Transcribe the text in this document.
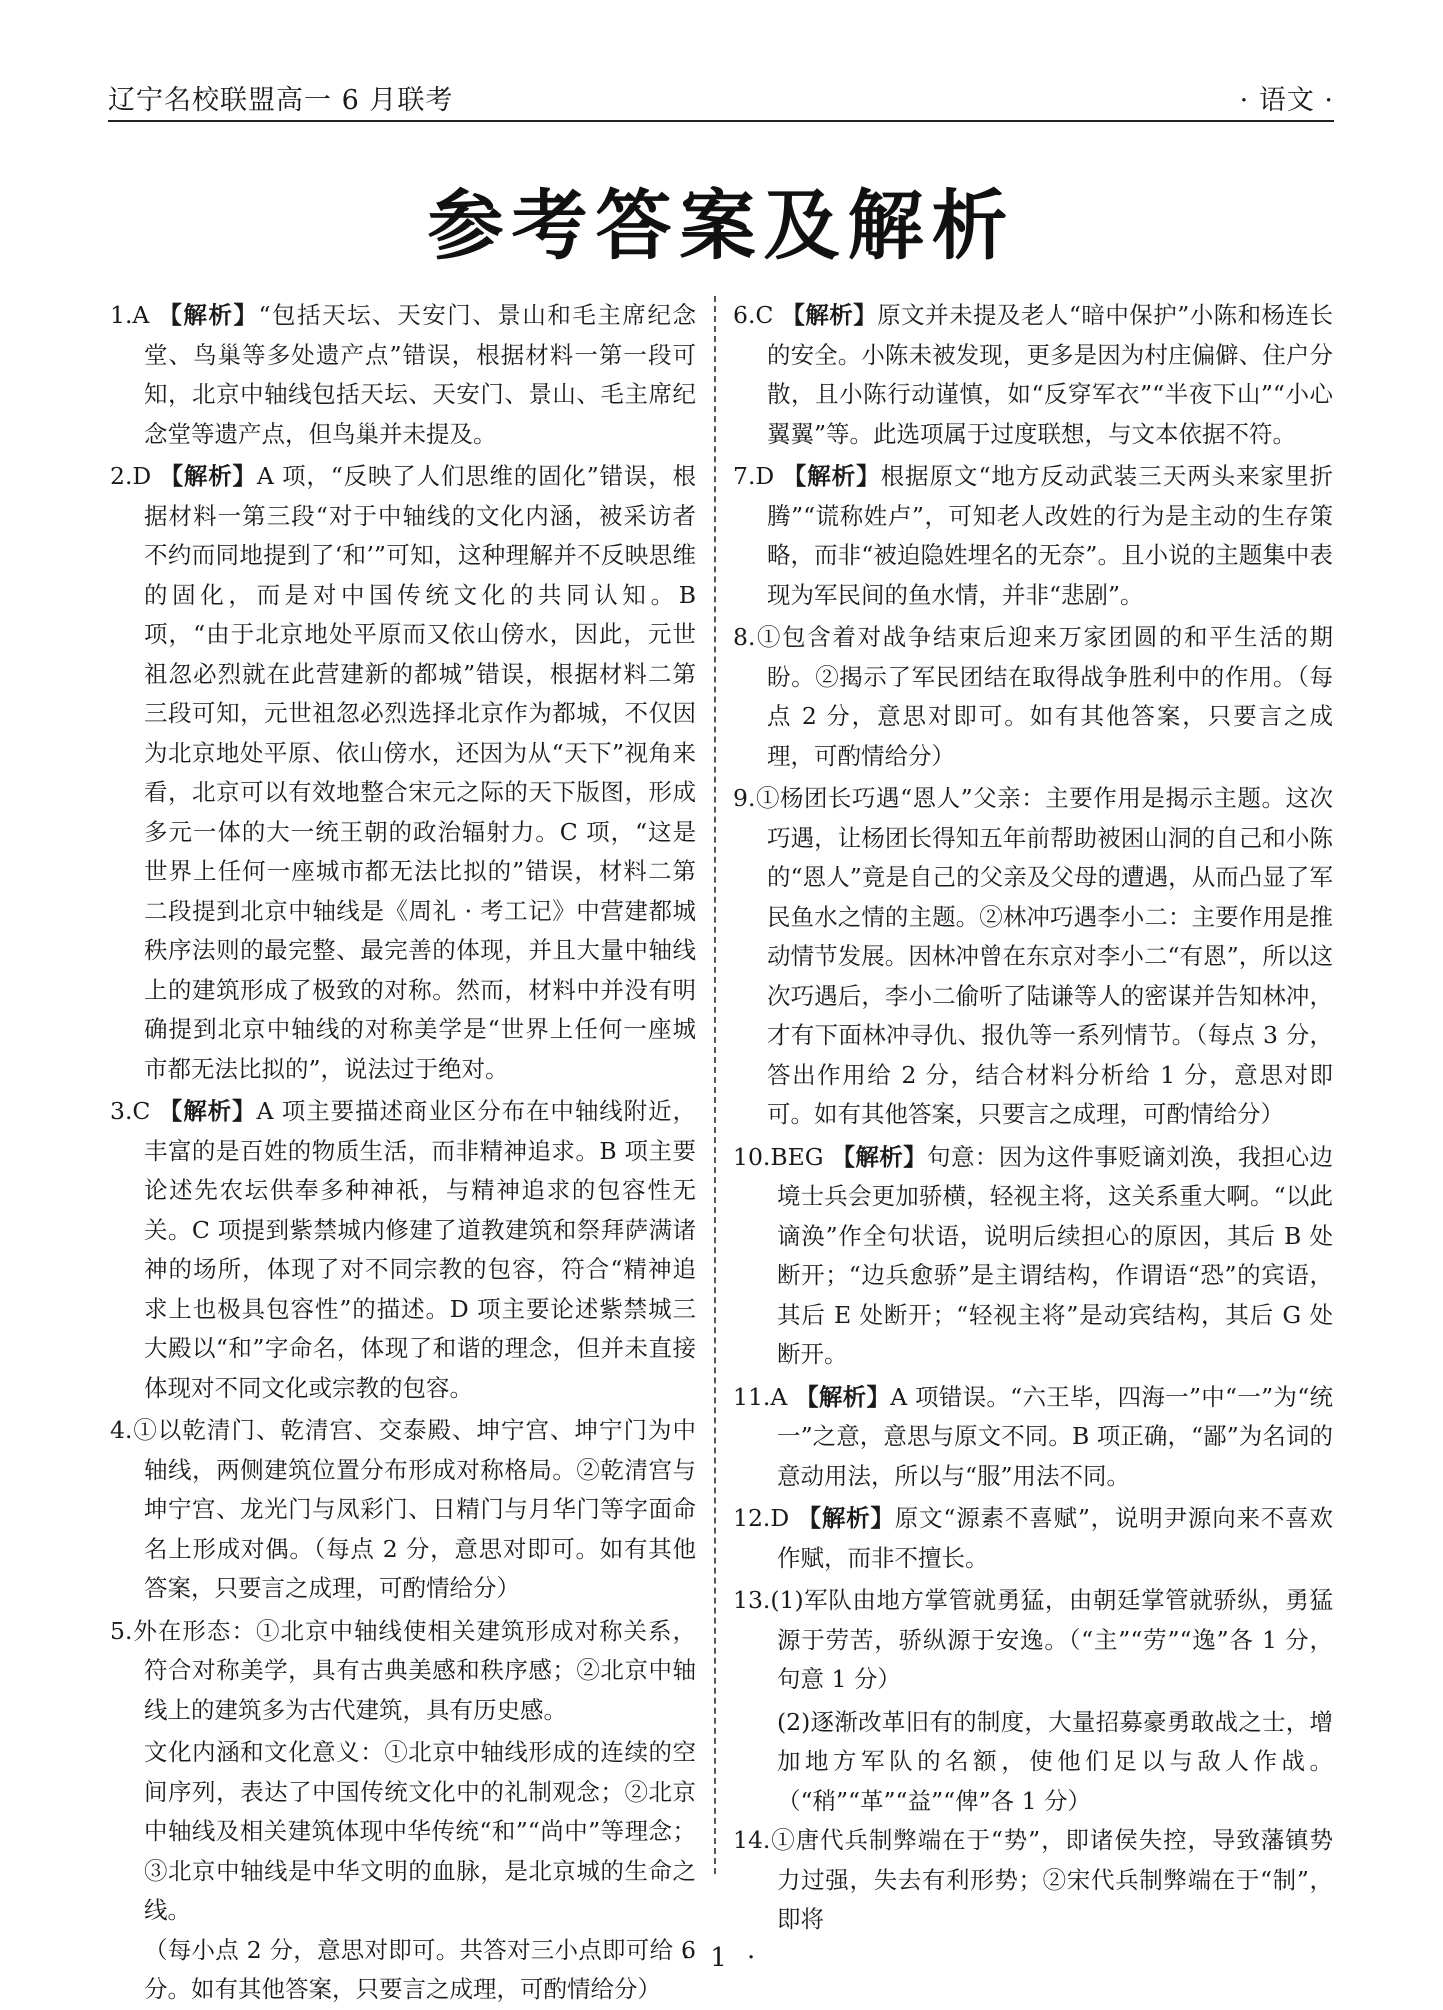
辽宁名校联盟高一 6 月联考	· 语文 ·
参考答案及解析

1.A 【解析】“包括天坛、天安门、景山和毛主席纪念堂、鸟巢等多处遗产点”错误，根据材料一第一段可知，北京中轴线包括天坛、天安门、景山、毛主席纪念堂等遗产点，但鸟巢并未提及。

2.D 【解析】A 项，“反映了人们思维的固化”错误，根据材料一第三段“对于中轴线的文化内涵，被采访者不约而同地提到了‘和’”可知，这种理解并不反映思维的固化，而是对中国传统文化的共同认知。B 项，“由于北京地处平原而又依山傍水，因此，元世祖忽必烈就在此营建新的都城”错误，根据材料二第三段可知，元世祖忽必烈选择北京作为都城，不仅因为北京地处平原、依山傍水，还因为从“天下”视角来看，北京可以有效地整合宋元之际的天下版图，形成多元一体的大一统王朝的政治辐射力。C 项，“这是世界上任何一座城市都无法比拟的”错误，材料二第二段提到北京中轴线是《周礼 · 考工记》中营建都城秩序法则的最完整、最完善的体现，并且大量中轴线上的建筑形成了极致的对称。然而，材料中并没有明确提到北京中轴线的对称美学是“世界上任何一座城市都无法比拟的”，说法过于绝对。

3.C 【解析】A 项主要描述商业区分布在中轴线附近，丰富的是百姓的物质生活，而非精神追求。B 项主要论述先农坛供奉多种神祇，与精神追求的包容性无关。C 项提到紫禁城内修建了道教建筑和祭拜萨满诸神的场所，体现了对不同宗教的包容，符合“精神追求上也极具包容性”的描述。D 项主要论述紫禁城三大殿以“和”字命名，体现了和谐的理念，但并未直接体现对不同文化或宗教的包容。

4.①以乾清门、乾清宫、交泰殿、坤宁宫、坤宁门为中轴线，两侧建筑位置分布形成对称格局。②乾清宫与坤宁宫、龙光门与凤彩门、日精门与月华门等字面命名上形成对偶。（每点 2 分，意思对即可。如有其他答案，只要言之成理，可酌情给分）

5.外在形态：①北京中轴线使相关建筑形成对称关系，符合对称美学，具有古典美感和秩序感；②北京中轴线上的建筑多为古代建筑，具有历史感。

文化内涵和文化意义：①北京中轴线形成的连续的空间序列，表达了中国传统文化中的礼制观念；②北京中轴线及相关建筑体现中华传统“和”“尚中”等理念；③北京中轴线是中华文明的血脉，是北京城的生命之线。

（每小点 2 分，意思对即可。共答对三小点即可给 6 分。如有其他答案，只要言之成理，可酌情给分）

6.C 【解析】原文并未提及老人“暗中保护”小陈和杨连长的安全。小陈未被发现，更多是因为村庄偏僻、住户分散，且小陈行动谨慎，如“反穿军衣”“半夜下山”“小心翼翼”等。此选项属于过度联想，与文本依据不符。

7.D 【解析】根据原文“地方反动武装三天两头来家里折腾”“谎称姓卢”，可知老人改姓的行为是主动的生存策略，而非“被迫隐姓埋名的无奈”。且小说的主题集中表现为军民间的鱼水情，并非“悲剧”。

8.①包含着对战争结束后迎来万家团圆的和平生活的期盼。②揭示了军民团结在取得战争胜利中的作用。（每点 2 分，意思对即可。如有其他答案，只要言之成理，可酌情给分）

9.①杨团长巧遇“恩人”父亲：主要作用是揭示主题。这次巧遇，让杨团长得知五年前帮助被困山洞的自己和小陈的“恩人”竟是自己的父亲及父母的遭遇，从而凸显了军民鱼水之情的主题。②林冲巧遇李小二：主要作用是推动情节发展。因林冲曾在东京对李小二“有恩”，所以这次巧遇后，李小二偷听了陆谦等人的密谋并告知林冲，才有下面林冲寻仇、报仇等一系列情节。（每点 3 分，答出作用给 2 分，结合材料分析给 1 分，意思对即可。如有其他答案，只要言之成理，可酌情给分）

10.BEG 【解析】句意：因为这件事贬谪刘涣，我担心边境士兵会更加骄横，轻视主将，这关系重大啊。“以此谪涣”作全句状语，说明后续担心的原因，其后 B 处断开；“边兵愈骄”是主谓结构，作谓语“恐”的宾语，其后 E 处断开；“轻视主将”是动宾结构，其后 G 处断开。

11.A 【解析】A 项错误。“六王毕，四海一”中“一”为“统一”之意，意思与原文不同。B 项正确，“鄙”为名词的意动用法，所以与“服”用法不同。

12.D 【解析】原文“源素不喜赋”，说明尹源向来不喜欢作赋，而非不擅长。

13.(1)军队由地方掌管就勇猛，由朝廷掌管就骄纵，勇猛源于劳苦，骄纵源于安逸。（“主”“劳”“逸”各 1 分，句意 1 分）

(2)逐渐改革旧有的制度，大量招募豪勇敢战之士，增加地方军队的名额，使他们足以与敌人作战。（“稍”“革”“益”“俾”各 1 分）

14.①唐代兵制弊端在于“势”，即诸侯失控，导致藩镇势力过强，失去有利形势；②宋代兵制弊端在于“制”，即将

· 1 ·
